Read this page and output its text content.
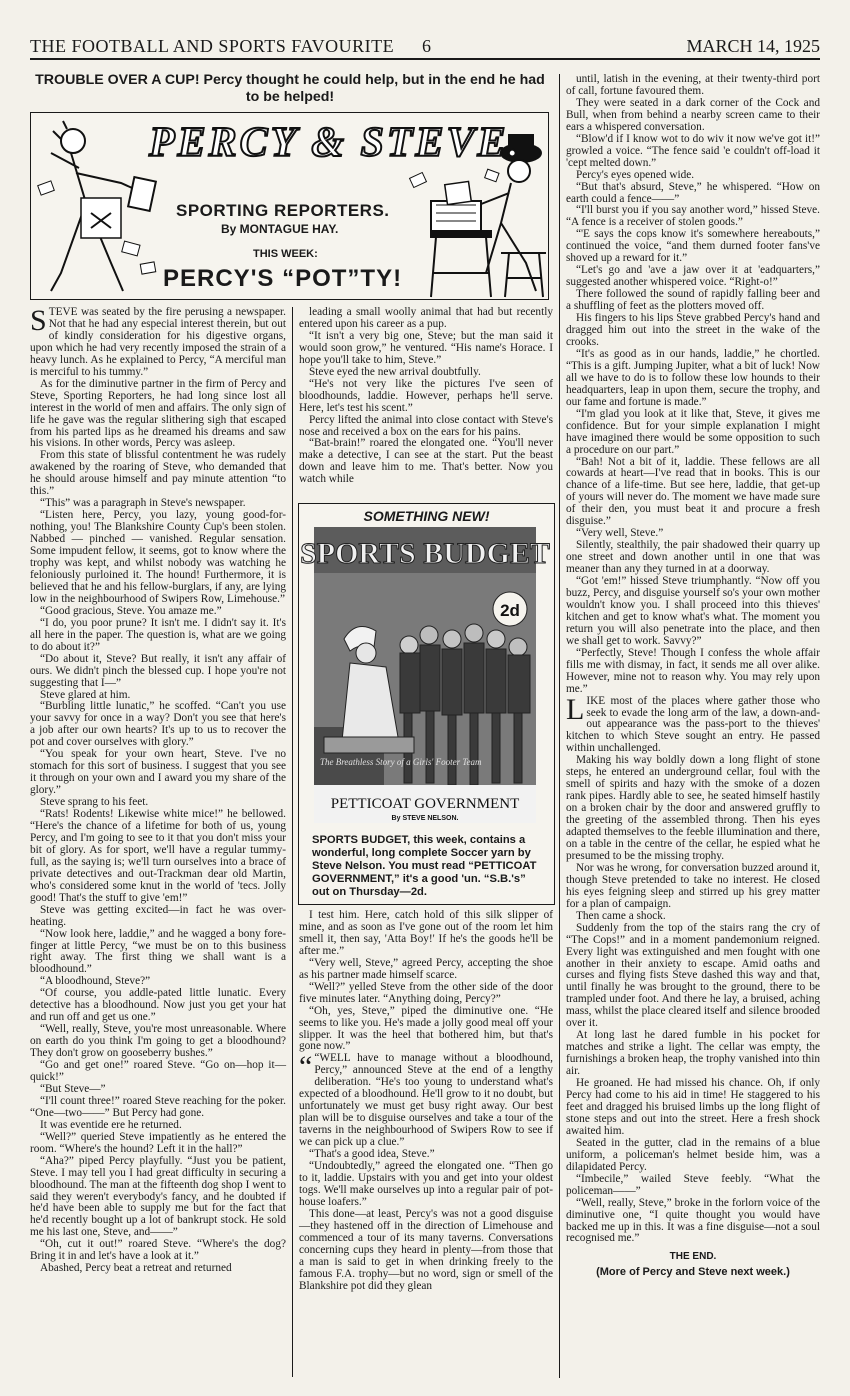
THE FOOTBALL AND SPORTS FAVOURITE 6	MARCH 14, 1925
TROUBLE OVER A CUP! Percy thought he could help, but in the end he had to be helped!
PERCY & STEVE.
SPORTING REPORTERS.
By MONTAGUE HAY.
THIS WEEK:
PERCY'S “POT”TY!

STEVE was seated by the fire perusing a newspaper. Not that he had any especial interest therein, but out of kindly consideration for his digestive organs, upon which he had very recently imposed the strain of a heavy lunch. As he explained to Percy, “A merciful man is merciful to his tummy.”

As for the diminutive partner in the firm of Percy and Steve, Sporting Reporters, he had long since lost all interest in the world of men and affairs. The only sign of life he gave was the regular slithering sigh that escaped from his parted lips as he dreamed his dreams and saw his visions. In other words, Percy was asleep.

From this state of blissful contentment he was rudely awakened by the roaring of Steve, who demanded that he should arouse himself and pay minute attention “to this.”

“This” was a paragraph in Steve's newspaper.

“Listen here, Percy, you lazy, young good-for-nothing, you! The Blankshire County Cup's been stolen. Nabbed — pinched — vanished. Regular sensation. Some impudent fellow, it seems, got to know where the trophy was kept, and whilst nobody was watching he feloniously purloined it. The hound! Furthermore, it is believed that he and his fellow-burglars, if any, are lying low in the neighbourhood of Swipers Row, Limehouse.”

“Good gracious, Steve. You amaze me.”

“I do, you poor prune? It isn't me. I didn't say it. It's all here in the paper. The question is, what are we going to do about it?”

“Do about it, Steve? But really, it isn't any affair of ours. We didn't pinch the blessed cup. I hope you're not suggesting that I—”

Steve glared at him.

“Burbling little lunatic,” he scoffed. “Can't you use your savvy for once in a way? Don't you see that here's a job after our own hearts? It's up to us to recover the pot and cover ourselves with glory.”

“You speak for your own heart, Steve. I've no stomach for this sort of business. I suggest that you see it through on your own and I award you my share of the glory.”

Steve sprang to his feet.

“Rats! Rodents! Likewise white mice!” he bellowed. “Here's the chance of a lifetime for both of us, young Percy, and I'm going to see to it that you don't miss your bit of glory. As for sport, we'll have a regular tummy-full, as the saying is; we'll turn ourselves into a brace of private detectives and out-Trackman dear old Martin, who's considered some knut in the world of 'tecs. Jolly good! That's the stuff to give 'em!”

Steve was getting excited—in fact he was over-heating.

“Now look here, laddie,” and he wagged a bony fore-finger at little Percy, “we must be on to this business right away. The first thing we shall want is a bloodhound.”

“A bloodhound, Steve?”

“Of course, you addle-pated little lunatic. Every detective has a bloodhound. Now just you get your hat and run off and get us one.”

“Well, really, Steve, you're most unreasonable. Where on earth do you think I'm going to get a bloodhound? They don't grow on gooseberry bushes.”

“Go and get one!” roared Steve. “Go on—hop it—quick!”

“But Steve—”

“I'll count three!” roared Steve reaching for the poker. “One—two——” But Percy had gone.

It was eventide ere he returned.

“Well?” queried Steve impatiently as he entered the room. “Where's the hound? Left it in the hall?”

“Aha?” piped Percy playfully. “Just you be patient, Steve. I may tell you I had great difficulty in securing a bloodhound. The man at the fifteenth dog shop I went to said they weren't everybody's fancy, and he doubted if he'd have been able to supply me but for the fact that he'd recently bought up a lot of bankrupt stock. He sold me his last one, Steve, and——”

“Oh, cut it out!” roared Steve. “Where's the dog? Bring it in and let's have a look at it.”

Abashed, Percy beat a retreat and returned

leading a small woolly animal that had but recently entered upon his career as a pup.

“It isn't a very big one, Steve; but the man said it would soon grow,” he ventured. “His name's Horace. I hope you'll take to him, Steve.”

Steve eyed the new arrival doubtfully.

“He's not very like the pictures I've seen of bloodhounds, laddie. However, perhaps he'll serve. Here, let's test his scent.”

Percy lifted the animal into close contact with Steve's nose and received a box on the ears for his pains.

“Bat-brain!” roared the elongated one. “You'll never make a detective, I can see at the start. Put the beast down and leave him to me. That's better. Now you watch while

SOMETHING NEW!
SPORTS BUDGET
2d
The Breathless Story of a Girls' Footer Team
PETTICOAT GOVERNMENT
By STEVE NELSON.
SPORTS BUDGET, this week, contains a wonderful, long complete Soccer yarn by Steve Nelson. You must read “PETTICOAT GOVERNMENT,” it's a good 'un. “S.B.'s” out on Thursday—2d.

I test him. Here, catch hold of this silk slipper of mine, and as soon as I've gone out of the room let him smell it, then say, 'Atta Boy!' If he's the goods he'll be after me.”

“Very well, Steve,” agreed Percy, accepting the shoe as his partner made himself scarce.

“Well?” yelled Steve from the other side of the door five minutes later. “Anything doing, Percy?”

“Oh, yes, Steve,” piped the diminutive one. “He seems to like you. He's made a jolly good meal off your slipper. It was the heel that bothered him, but that's gone now.”

“ “WELL have to manage without a bloodhound, Percy,” announced Steve at the end of a lengthy deliberation. “He's too young to understand what's expected of a bloodhound. He'll grow to it no doubt, but unfortunately we must get busy right away. Our best plan will be to disguise ourselves and take a tour of the taverns in the neighbourhood of Swipers Row to see if we can pick up a clue.”

“That's a good idea, Steve.”

“Undoubtedly,” agreed the elongated one. “Then go to it, laddie. Upstairs with you and get into your oldest togs. We'll make ourselves up into a regular pair of pot-house loafers.”

This done—at least, Percy's was not a good disguise—they hastened off in the direction of Limehouse and commenced a tour of its many taverns. Conversations concerning cups they heard in plenty—from those that a man is said to get in when drinking freely to the famous F.A. trophy—but no word, sign or smell of the Blankshire pot did they glean

until, latish in the evening, at their twenty-third port of call, fortune favoured them.

They were seated in a dark corner of the Cock and Bull, when from behind a nearby screen came to their ears a whispered conversation.

“Blow'd if I know wot to do wiv it now we've got it!” growled a voice. “The fence said 'e couldn't off-load it 'cept melted down.”

Percy's eyes opened wide.

“But that's absurd, Steve,” he whispered. “How on earth could a fence——”

“I'll burst you if you say another word,” hissed Steve. “A fence is a receiver of stolen goods.”

“'E says the cops know it's somewhere hereabouts,” continued the voice, “and them durned footer fans've shoved up a reward for it.”

“Let's go and 'ave a jaw over it at 'eadquarters,” suggested another whispered voice. “Right-o!”

There followed the sound of rapidly falling beer and a shuffling of feet as the plotters moved off.

His fingers to his lips Steve grabbed Percy's hand and dragged him out into the street in the wake of the crooks.

“It's as good as in our hands, laddie,” he chortled. “This is a gift. Jumping Jupiter, what a bit of luck! Now all we have to do is to follow these low hounds to their headquarters, leap in upon them, secure the trophy, and our fame and fortune is made.”

“I'm glad you look at it like that, Steve, it gives me confidence. But for your simple explanation I might have imagined there would be some opposition to such a procedure on our part.”

“Bah! Not a bit of it, laddie. These fellows are all cowards at heart—I've read that in books. This is our chance of a life-time. But see here, laddie, that get-up of yours will never do. The moment we have made sure of their den, you must beat it and procure a fresh disguise.”

“Very well, Steve.”

Silently, stealthily, the pair shadowed their quarry up one street and down another until in one that was meaner than any they turned in at a doorway.

“Got 'em!” hissed Steve triumphantly. “Now off you buzz, Percy, and disguise yourself so's your own mother wouldn't know you. I shall proceed into this thieves' kitchen and get to know what's what. The moment you return you will also penetrate into the place, and then we shall get to work. Savvy?”

“Perfectly, Steve! Though I confess the whole affair fills me with dismay, in fact, it sends me all over alike. However, mine not to reason why. You may rely upon me.”

LIKE most of the places where gather those who seek to evade the long arm of the law, a down-and-out appearance was the pass-port to the thieves' kitchen to which Steve sought an entry. He passed within unchallenged.

Making his way boldly down a long flight of stone steps, he entered an underground cellar, foul with the smell of spirits and hazy with the smoke of a dozen rank pipes. Hardly able to see, he seated himself hastily on a broken chair by the door and answered gruffly to the greeting of the assembled throng. Then his eyes adapted themselves to the feeble illumination and there, on a table in the centre of the cellar, he espied what he presumed to be the missing trophy.

Nor was he wrong, for conversation buzzed around it, though Steve pretended to take no interest. He closed his eyes feigning sleep and stirred up his grey matter for a plan of campaign.

Then came a shock.

Suddenly from the top of the stairs rang the cry of “The Cops!” and in a moment pandemonium reigned. Every light was extinguished and men fought with one another in their anxiety to escape. Amid oaths and curses and flying fists Steve dashed this way and that, until finally he was brought to the ground, there to be trampled under foot. And there he lay, a bruised, aching mass, whilst the place cleared itself and silence brooded over it.

At long last he dared fumble in his pocket for matches and strike a light. The cellar was empty, the furnishings a broken heap, the trophy vanished into thin air.

He groaned. He had missed his chance. Oh, if only Percy had come to his aid in time! He staggered to his feet and dragged his bruised limbs up the long flight of stone steps and out into the street. Here a fresh shock awaited him.

Seated in the gutter, clad in the remains of a blue uniform, a policeman's helmet beside him, was a dilapidated Percy.

“Imbecile,” wailed Steve feebly. “What the policeman——”

“Well, really, Steve,” broke in the forlorn voice of the diminutive one, “I quite thought you would have backed me up in this. It was a fine disguise—not a soul recognised me.”

THE END.
(More of Percy and Steve next week.)
